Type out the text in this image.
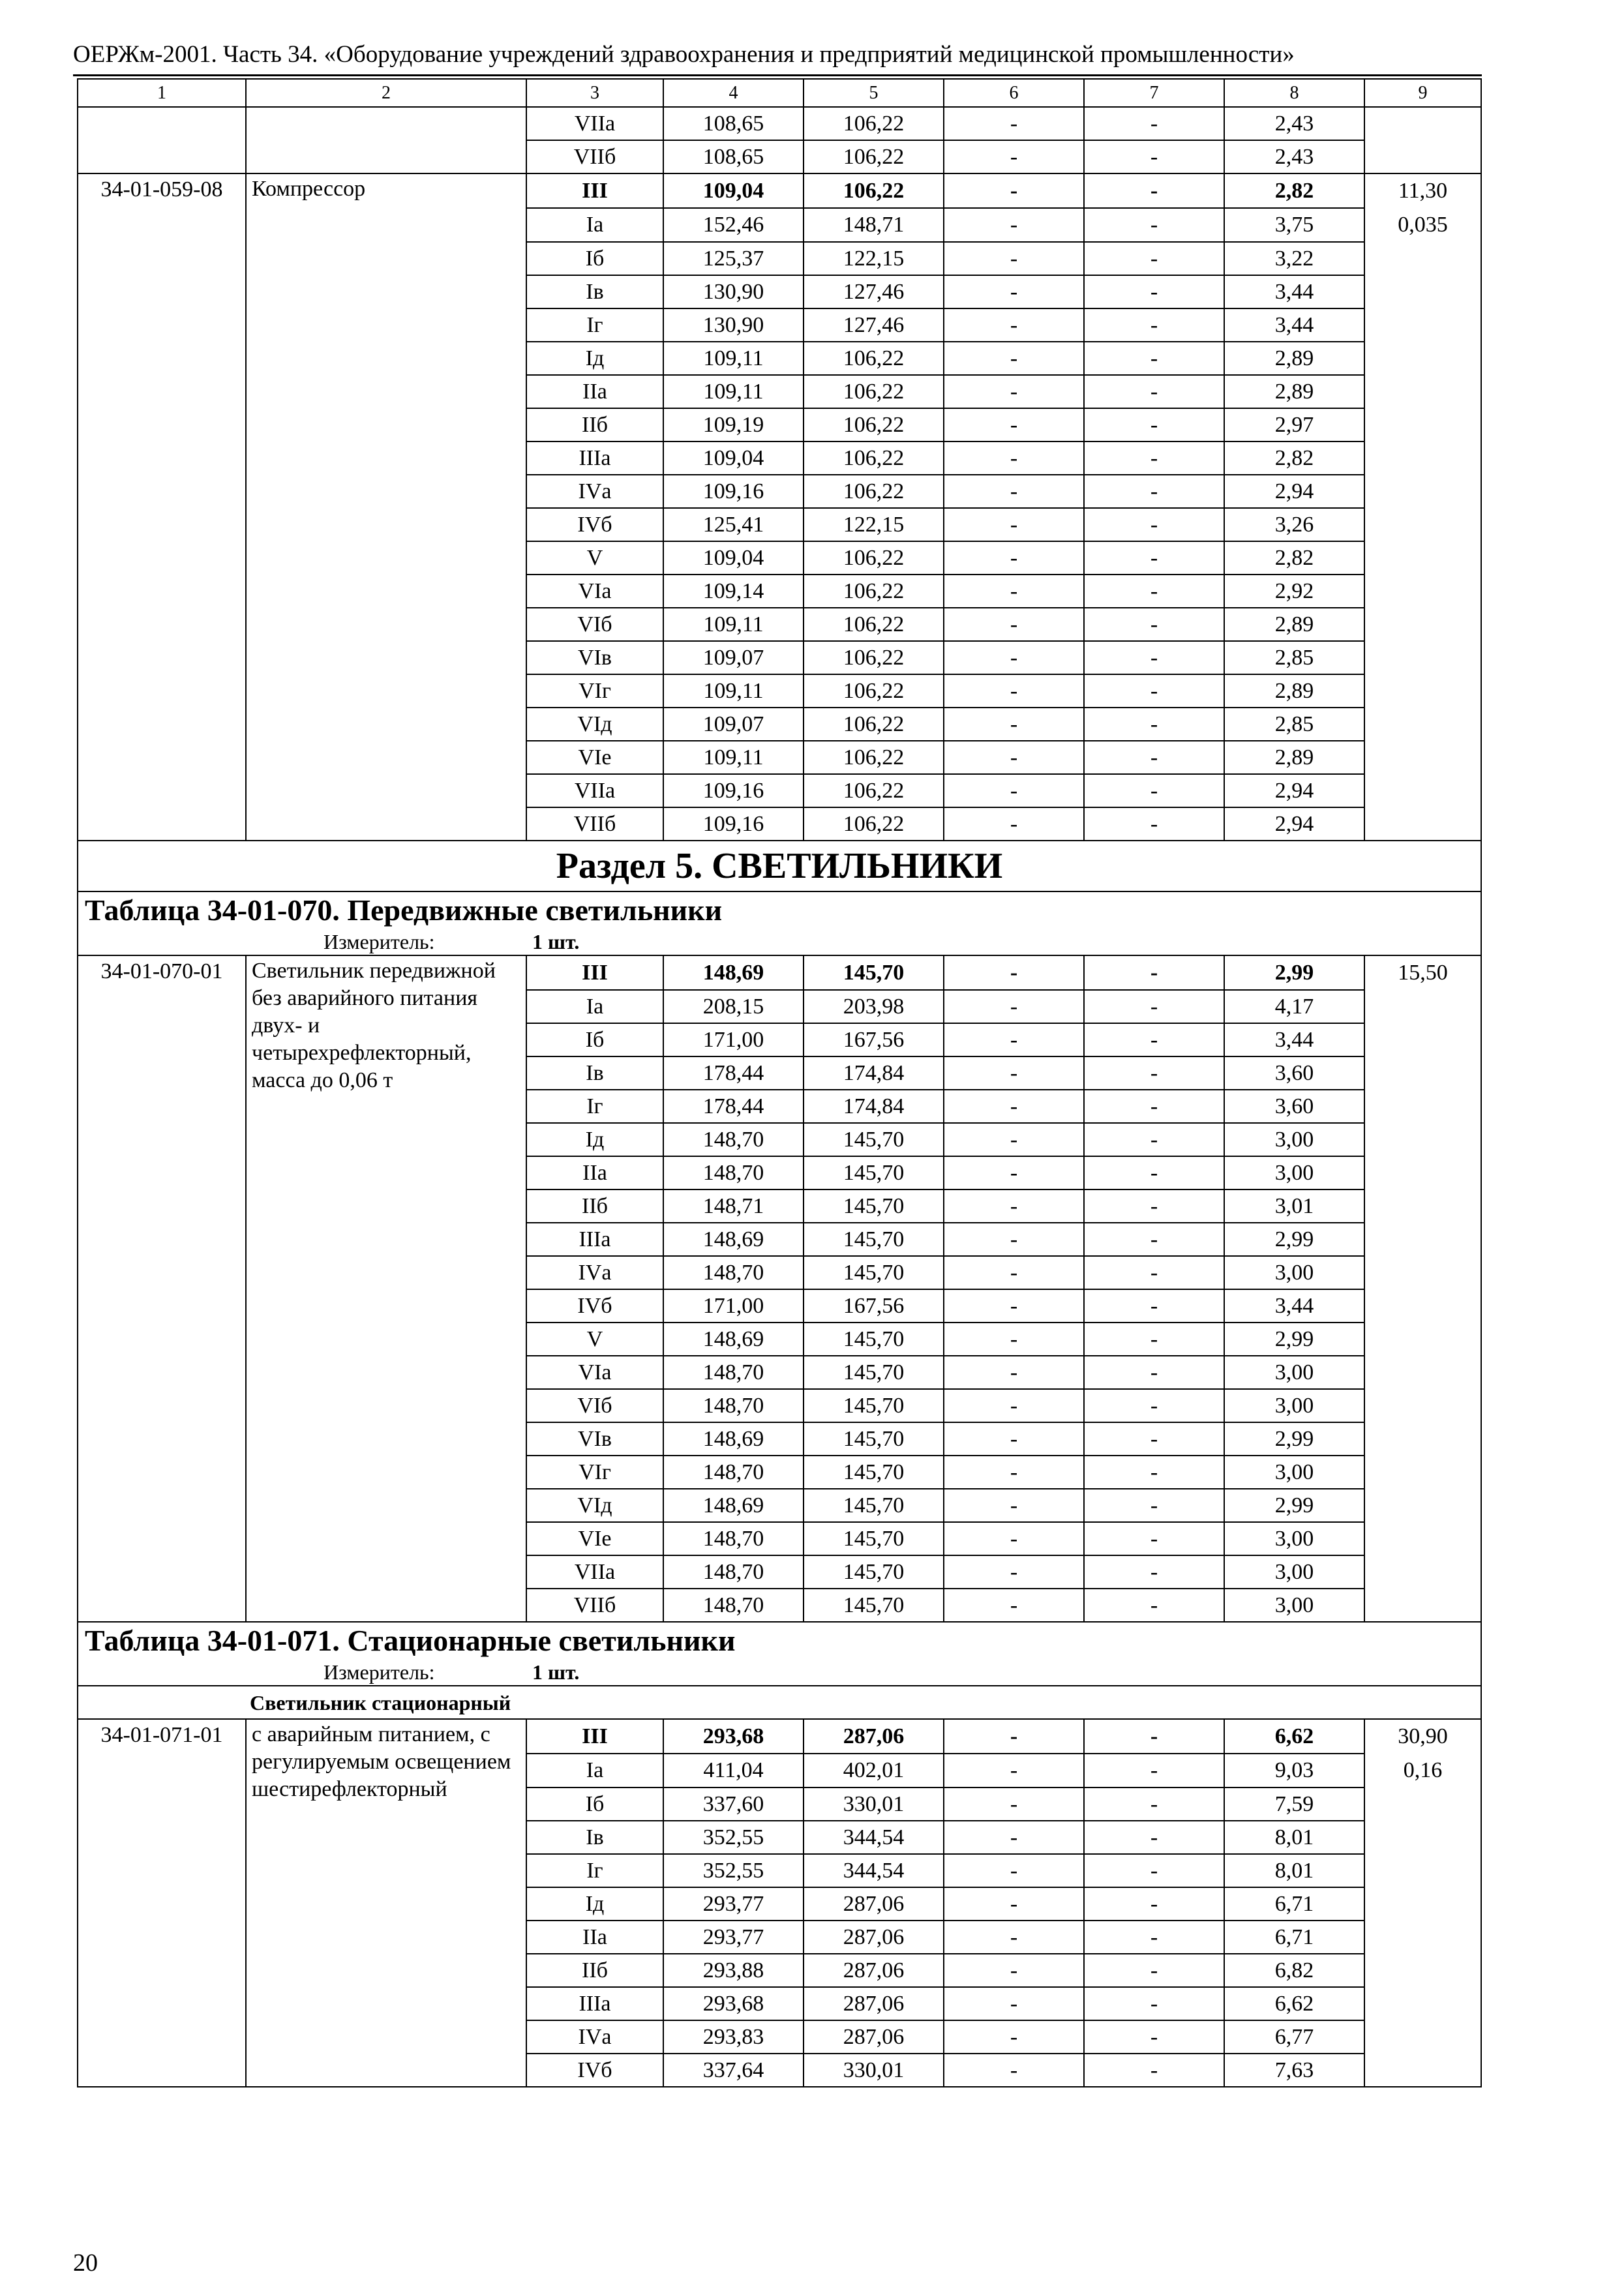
ОЕРЖм-2001. Часть 34. «Оборудование учреждений здравоохранения и предприятий медицинской промышленности»
1	2	3	4	5	6	7	8	9
		VIIа	108,65	106,22	-	-	2,43	
		VIIб	108,65	106,22	-	-	2,43	
34-01-059-08	Компрессор	III	109,04	106,22	-	-	2,82	11,30
		Iа	152,46	148,71	-	-	3,75	0,035
		Iб	125,37	122,15	-	-	3,22	
		Iв	130,90	127,46	-	-	3,44	
		Iг	130,90	127,46	-	-	3,44	
		Iд	109,11	106,22	-	-	2,89	
		IIа	109,11	106,22	-	-	2,89	
		IIб	109,19	106,22	-	-	2,97	
		IIIа	109,04	106,22	-	-	2,82	
		IVа	109,16	106,22	-	-	2,94	
		IVб	125,41	122,15	-	-	3,26	
		V	109,04	106,22	-	-	2,82	
		VIа	109,14	106,22	-	-	2,92	
		VIб	109,11	106,22	-	-	2,89	
		VIв	109,07	106,22	-	-	2,85	
		VIг	109,11	106,22	-	-	2,89	
		VIд	109,07	106,22	-	-	2,85	
		VIе	109,11	106,22	-	-	2,89	
		VIIа	109,16	106,22	-	-	2,94	
		VIIб	109,16	106,22	-	-	2,94	
Раздел 5. СВЕТИЛЬНИКИ								
Таблица 34-01-070. Передвижные светильники								
Измеритель: 1 шт.								
34-01-070-01	Светильник передвижной без аварийного питания двух- и четырехрефлекторный, масса до 0,06 т	III	148,69	145,70	-	-	2,99	15,50
		Iа	208,15	203,98	-	-	4,17	
		Iб	171,00	167,56	-	-	3,44	
		Iв	178,44	174,84	-	-	3,60	
		Iг	178,44	174,84	-	-	3,60	
		Iд	148,70	145,70	-	-	3,00	
		IIа	148,70	145,70	-	-	3,00	
		IIб	148,71	145,70	-	-	3,01	
		IIIа	148,69	145,70	-	-	2,99	
		IVа	148,70	145,70	-	-	3,00	
		IVб	171,00	167,56	-	-	3,44	
		V	148,69	145,70	-	-	2,99	
		VIа	148,70	145,70	-	-	3,00	
		VIб	148,70	145,70	-	-	3,00	
		VIв	148,69	145,70	-	-	2,99	
		VIг	148,70	145,70	-	-	3,00	
		VIд	148,69	145,70	-	-	2,99	
		VIе	148,70	145,70	-	-	3,00	
		VIIа	148,70	145,70	-	-	3,00	
		VIIб	148,70	145,70	-	-	3,00	
Таблица 34-01-071. Стационарные светильники								
Измеритель: 1 шт.								
	Светильник стационарный							
34-01-071-01	с аварийным питанием, с регулируемым освещением шестирефлекторный	III	293,68	287,06	-	-	6,62	30,90
		Iа	411,04	402,01	-	-	9,03	0,16
		Iб	337,60	330,01	-	-	7,59	
		Iв	352,55	344,54	-	-	8,01	
		Iг	352,55	344,54	-	-	8,01	
		Iд	293,77	287,06	-	-	6,71	
		IIа	293,77	287,06	-	-	6,71	
		IIб	293,88	287,06	-	-	6,82	
		IIIа	293,68	287,06	-	-	6,62	
		IVа	293,83	287,06	-	-	6,77	
		IVб	337,64	330,01	-	-	7,63	
20
